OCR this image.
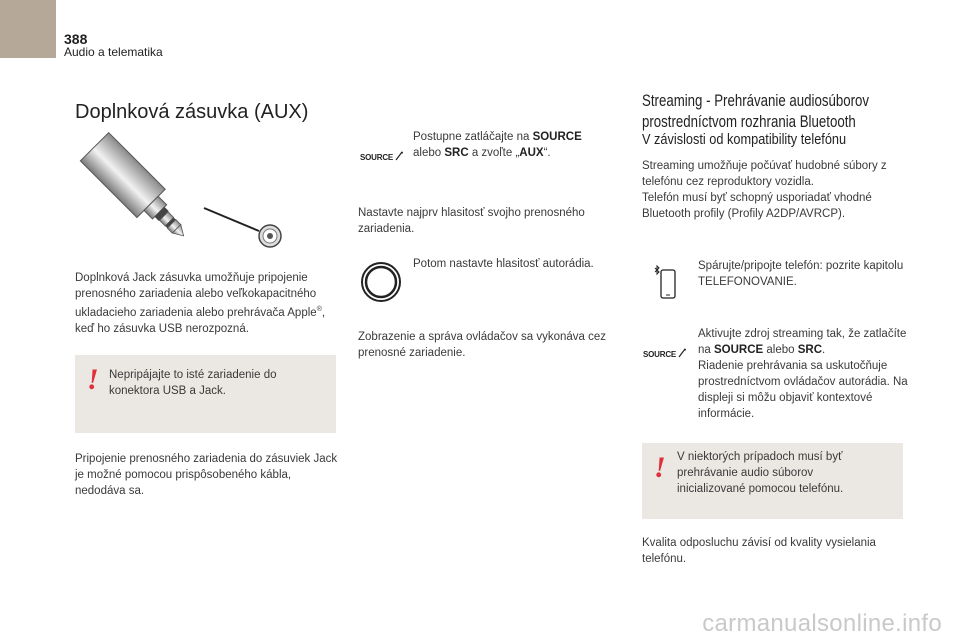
388
Audio a telematika
Doplnková zásuvka (AUX)
Doplnková Jack zásuvka umožňuje pripojenie prenosného zariadenia alebo veľkokapacitného ukladacieho zariadenia alebo prehrávača Apple®, keď ho zásuvka USB nerozpozná.
! Nepripájajte to isté zariadenie do konektora USB a Jack.
Pripojenie prenosného zariadenia do zásuviek Jack je možné pomocou prispôsobeného kábla, nedodáva sa.
SOURCE
Postupne zatláčajte na SOURCE alebo SRC a zvoľte „AUX“.
Nastavte najprv hlasitosť svojho prenosného zariadenia.
Potom nastavte hlasitosť autorádia.
Zobrazenie a správa ovládačov sa vykonáva cez prenosné zariadenie.
Streaming - Prehrávanie audiosúborov
prostredníctvom rozhrania Bluetooth
V závislosti od kompatibility telefónu
Streaming umožňuje počúvať hudobné súbory z telefónu cez reproduktory vozidla.
Telefón musí byť schopný usporiadať vhodné Bluetooth profily (Profily A2DP/AVRCP).
Spárujte/pripojte telefón: pozrite kapitolu TELEFONOVANIE.
SOURCE
Aktivujte zdroj streaming tak, že zatlačíte na SOURCE alebo SRC.
Riadenie prehrávania sa uskutočňuje prostredníctvom ovládačov autorádia. Na displeji si môžu objaviť kontextové informácie.
! V niektorých prípadoch musí byť prehrávanie audio súborov inicializované pomocou telefónu.
Kvalita odposluchu závisí od kvality vysielania telefónu.
carmanualsonline.info
